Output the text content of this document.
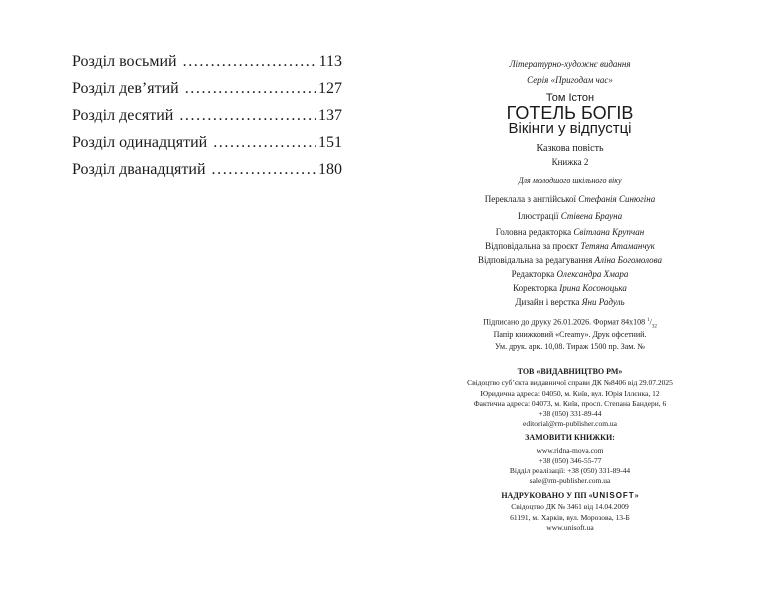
Розділ восьмий .....	113
Розділ дев’ятий .....	127
Розділ десятий .....	137
Розділ одинадцятий .....	151
Розділ дванадцятий .....	180
Літературно-художнє видання
Серія «Пригодам час»
Том Істон
ГОТЕЛЬ БОГІВ
Вікінги у відпустці
Казкова повість
Книжка 2
Для молодшого шкільного віку
Переклала з англійської Стефанія Синюгіна
Ілюстрації Стівена Брауна
Головна редакторка Світлана Крупчан
Відповідальна за проєкт Тетяна Атаманчук
Відповідальна за редагування Аліна Богомолова
Редакторка Олександра Хмара
Коректорка Ірина Косоноцька
Дизайн і верстка Яни Радуль
Підписано до друку 26.01.2026. Формат 84x108 $^1/_{32}$
Папір книжковий «Creamy». Друк офсетний.
Ум. друк. арк. 10,08. Тираж 1500 пр. Зам. №
ТОВ «ВИДАВНИЦТВО РМ»
Свідоцтво суб’єкта видавничої справи ДК №8406 від 29.07.2025
Юридична адреса: 04050, м. Київ, вул. Юрія Іллєнка, 12
Фактична адреса: 04073, м. Київ, просп. Степана Бандери, 6
+38 (050) 331-89-44
editorial@rm-publisher.com.ua
ЗАМОВИТИ КНИЖКИ:
www.ridna-mova.com
+38 (050) 346-55-77
Відділ реалізації: +38 (050) 331-89-44
sale@rm-publisher.com.ua
НАДРУКОВАНО У ПП «UNISOFT»
Свідоцтво ДК № 3461 від 14.04.2009
61191, м. Харків, вул. Морозова, 13-Б
www.unisoft.ua
